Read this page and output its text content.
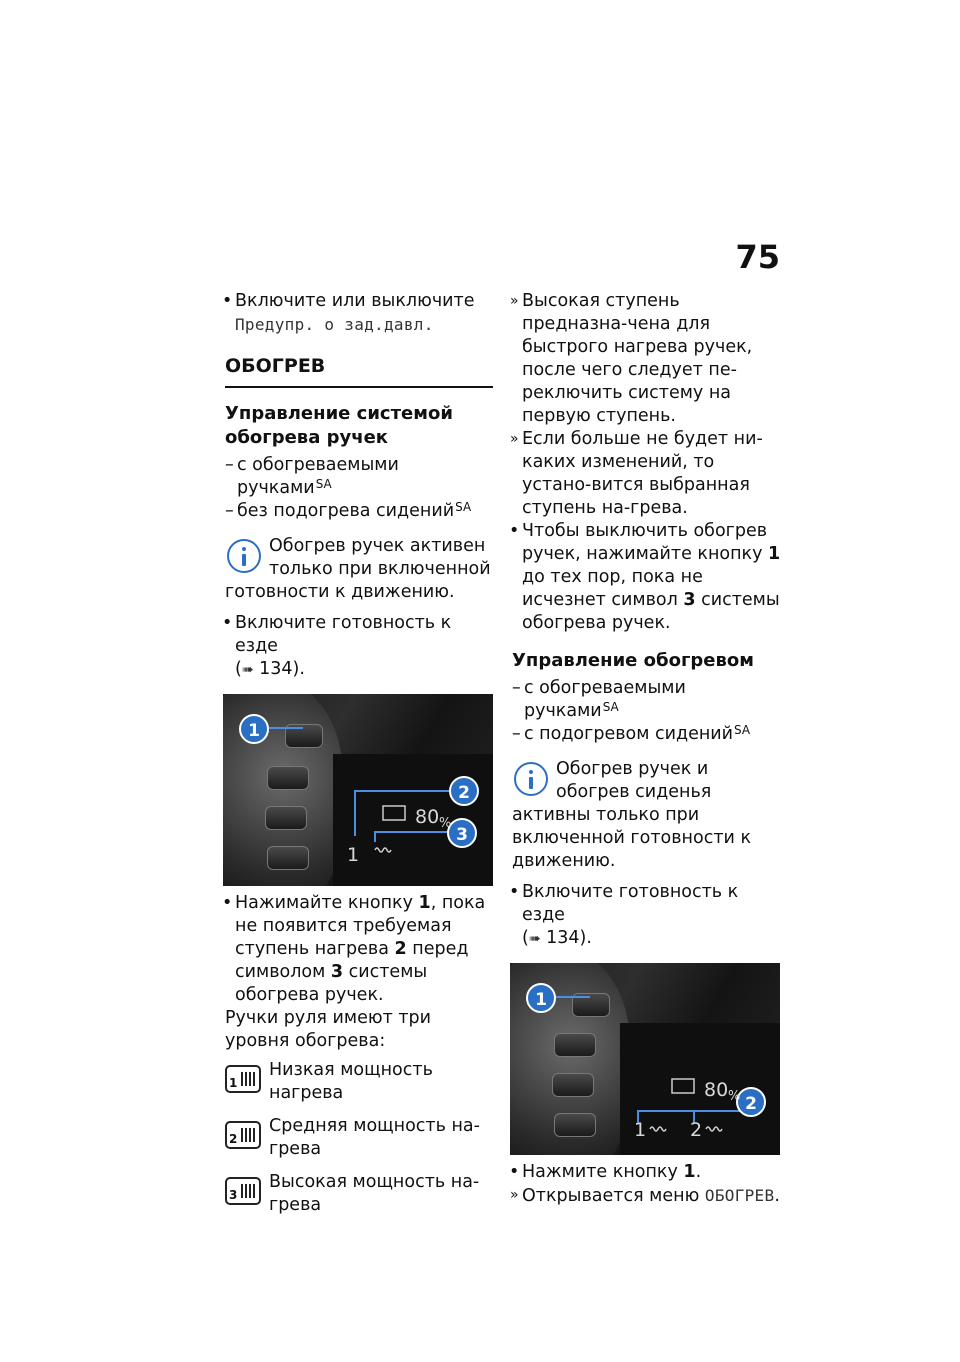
75

• Включите или выключите
Предупр. о зад.давл.

ОБОГРЕВ
Управление системой обогрева ручек

– с обогреваемыми ручками$^{SA}$

– без подогрева сидений$^{SA}$

Обогрев ручек активен только при включенной готовности к движению.

• Включите готовность к езде
(➠ 134).

1
2
3
80 %
1

• Нажимайте кнопку 1, пока не появится требуемая ступень нагрева 2 перед символом 3 системы обогрева ручек.

Ручки руля имеют три уровня обогрева:

1
Низкая мощность нагрева
2
Средняя мощность на-грева
3
Высокая мощность на-грева

» Высокая ступень предназна-чена для быстрого нагрева ручек, после чего следует пе-реключить систему на первую ступень.

» Если больше не будет ни-каких изменений, то устано-вится выбранная ступень на-грева.

• Чтобы выключить обогрев ручек, нажимайте кнопку 1 до тех пор, пока не исчезнет символ 3 системы обогрева ручек.

Управление обогревом

– с обогреваемыми ручками$^{SA}$

– с подогревом сидений$^{SA}$

Обогрев ручек и обогрев сиденья активны только при включенной готовности к движению.

• Включите готовность к езде
(➠ 134).

1
2
80 %
1 2

• Нажмите кнопку 1.

» Открывается меню ОБОГРЕВ.
